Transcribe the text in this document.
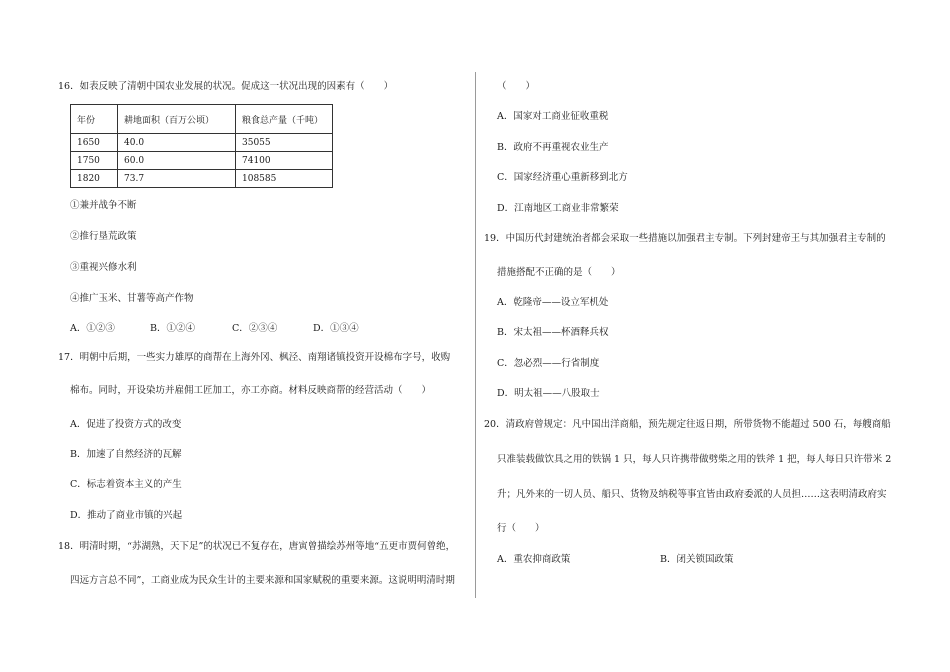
16．如表反映了清朝中国农业发展的状况。促成这一状况出现的因素有（　　）
年份	耕地面积（百万公顷）	粮食总产量（千吨）
1650	40.0	35055
1750	60.0	74100
1820	73.7	108585
①兼并战争不断
②推行垦荒政策
③重视兴修水利
④推广玉米、甘薯等高产作物
A．①②③	B．①②④	C．②③④	D．①③④
17．明朝中后期，一些实力雄厚的商帮在上海外冈、枫泾、南翔诸镇投资开设棉布字号，收购
棉布。同时，开设染坊并雇佣工匠加工，亦工亦商。材料反映商帮的经营活动（　　）
A．促进了投资方式的改变
B．加速了自然经济的瓦解
C．标志着资本主义的产生
D．推动了商业市镇的兴起
18．明清时期，“苏湖熟，天下足”的状况已不复存在，唐寅曾描绘苏州等地“五更市贾何曾绝，
四远方言总不同”，工商业成为民众生计的主要来源和国家赋税的重要来源。这说明明清时期
（　　）
A．国家对工商业征收重税
B．政府不再重视农业生产
C．国家经济重心重新移到北方
D．江南地区工商业非常繁荣
19．中国历代封建统治者都会采取一些措施以加强君主专制。下列封建帝王与其加强君主专制的
措施搭配不正确的是（　　）
A．乾隆帝——设立军机处
B．宋太祖——杯酒释兵权
C．忽必烈——行省制度
D．明太祖——八股取士
20．清政府曾规定：凡中国出洋商船，预先规定往返日期，所带货物不能超过 500 石，每艘商船
只准装载做饮具之用的铁锅 1 只，每人只许携带做劈柴之用的铁斧 1 把，每人每日只许带米 2
升；凡外来的一切人员、船只、货物及纳税等事宜皆由政府委派的人员担……这表明清政府实
行（　　）
A．重农抑商政策	B．闭关锁国政策
